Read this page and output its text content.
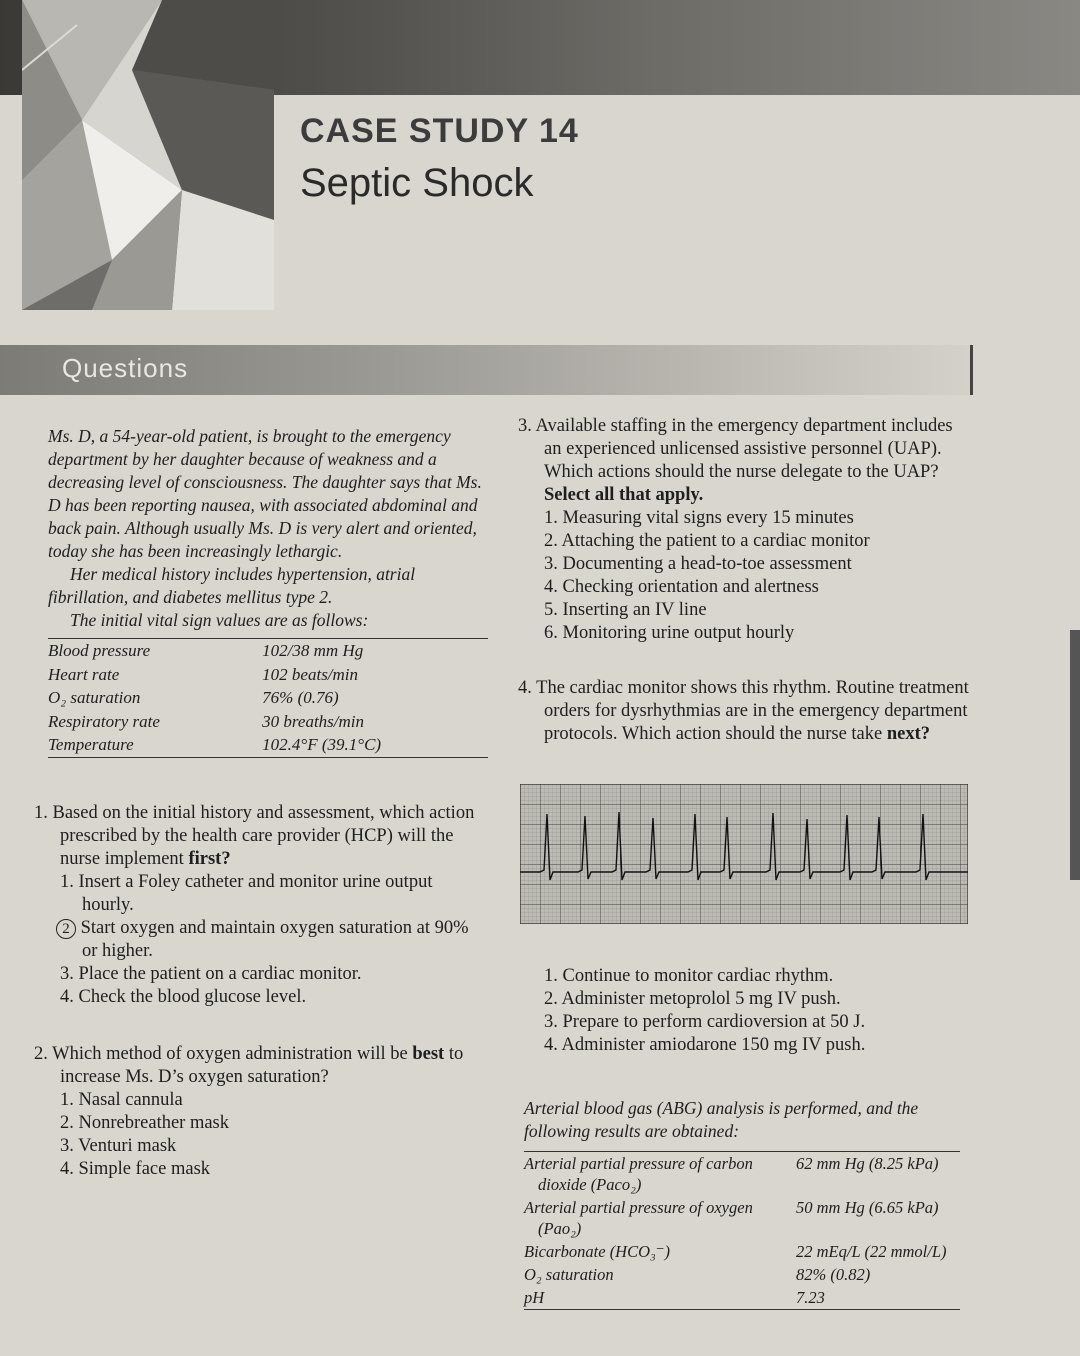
CASE STUDY 14
Septic Shock
Questions

Ms. D, a 54-year-old patient, is brought to the emergency department by her daughter because of weakness and a decreasing level of consciousness. The daughter says that Ms. D has been reporting nausea, with associated abdominal and back pain. Although usually Ms. D is very alert and oriented, today she has been increasingly lethargic.

Her medical history includes hypertension, atrial fibrillation, and diabetes mellitus type 2.

The initial vital sign values are as follows:

Blood pressure	102/38 mm Hg
Heart rate	102 beats/min
O₂ saturation	76% (0.76)
Respiratory rate	30 breaths/min
Temperature	102.4°F (39.1°C)
1. Based on the initial history and assessment, which action prescribed by the health care provider (HCP) will the nurse implement first?
1. Insert a Foley catheter and monitor urine output hourly.
2 Start oxygen and maintain oxygen saturation at 90% or higher.
3. Place the patient on a cardiac monitor.
4. Check the blood glucose level.
2. Which method of oxygen administration will be best to increase Ms. D’s oxygen saturation?
1. Nasal cannula
2. Nonrebreather mask
3. Venturi mask
4. Simple face mask
3. Available staffing in the emergency department includes an experienced unlicensed assistive personnel (UAP). Which actions should the nurse delegate to the UAP? Select all that apply.
1. Measuring vital signs every 15 minutes
2. Attaching the patient to a cardiac monitor
3. Documenting a head-to-toe assessment
4. Checking orientation and alertness
5. Inserting an IV line
6. Monitoring urine output hourly
4. The cardiac monitor shows this rhythm. Routine treatment orders for dysrhythmias are in the emergency department protocols. Which action should the nurse take next?
1. Continue to monitor cardiac rhythm.
2. Administer metoprolol 5 mg IV push.
3. Prepare to perform cardioversion at 50 J.
4. Administer amiodarone 150 mg IV push.
Arterial blood gas (ABG) analysis is performed, and the following results are obtained:
Arterial partial pressure of carbon dioxide (Paco₂)	62 mm Hg (8.25 kPa)
Arterial partial pressure of oxygen (Pao₂)	50 mm Hg (6.65 kPa)
Bicarbonate (HCO₃⁻)	22 mEq/L (22 mmol/L)
O₂ saturation	82% (0.82)
pH	7.23
